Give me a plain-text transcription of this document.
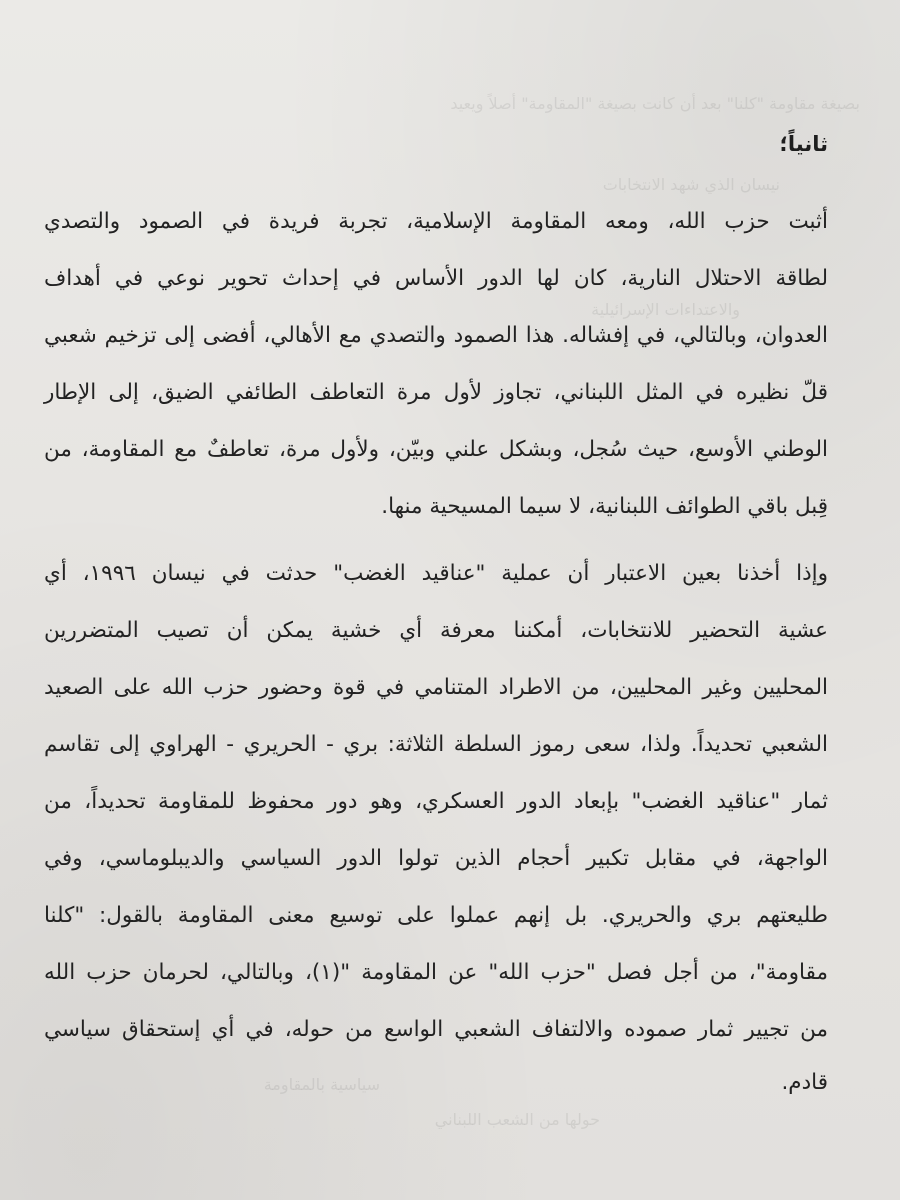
بصيغة مقاومة "كلنا" بعد أن كانت بصيغة "المقاومة" أصلاً ويعيد
نيسان الذي شهد الانتخابات
والاعتداءات الإسرائيلية
سياسية بالمقاومة
حولها من الشعب اللبناني
ثانياً؛
أثبت حزب الله، ومعه المقاومة الإسلامية، تجربة فريدة في الصمود والتصدي
لطاقة الاحتلال النارية، كان لها الدور الأساس في إحداث تحوير نوعي في أهداف
العدوان، وبالتالي، في إفشاله. هذا الصمود والتصدي مع الأهالي، أفضى إلى تزخيم شعبي
قلّ نظيره في المثل اللبناني، تجاوز لأول مرة التعاطف الطائفي الضيق، إلى الإطار
الوطني الأوسع، حيث سُجل، وبشكل علني وبيّن، ولأول مرة، تعاطفٌ مع المقاومة، من
قِبل باقي الطوائف اللبنانية، لا سيما المسيحية منها.
وإذا أخذنا بعين الاعتبار أن عملية "عناقيد الغضب" حدثت في نيسان ١٩٩٦، أي
عشية التحضير للانتخابات، أمكننا معرفة أي خشية يمكن أن تصيب المتضررين
المحليين وغير المحليين، من الاطراد المتنامي في قوة وحضور حزب الله على الصعيد
الشعبي تحديداً. ولذا، سعى رموز السلطة الثلاثة: بري - الحريري - الهراوي إلى تقاسم
ثمار "عناقيد الغضب" بإبعاد الدور العسكري، وهو دور محفوظ للمقاومة تحديداً، من
الواجهة، في مقابل تكبير أحجام الذين تولوا الدور السياسي والديبلوماسي، وفي
طليعتهم بري والحريري. بل إنهم عملوا على توسيع معنى المقاومة بالقول: "كلنا
مقاومة"، من أجل فصل "حزب الله" عن المقاومة "(١)، وبالتالي، لحرمان حزب الله
من تجيير ثمار صموده والالتفاف الشعبي الواسع من حوله، في أي إستحقاق سياسي
قادم.
